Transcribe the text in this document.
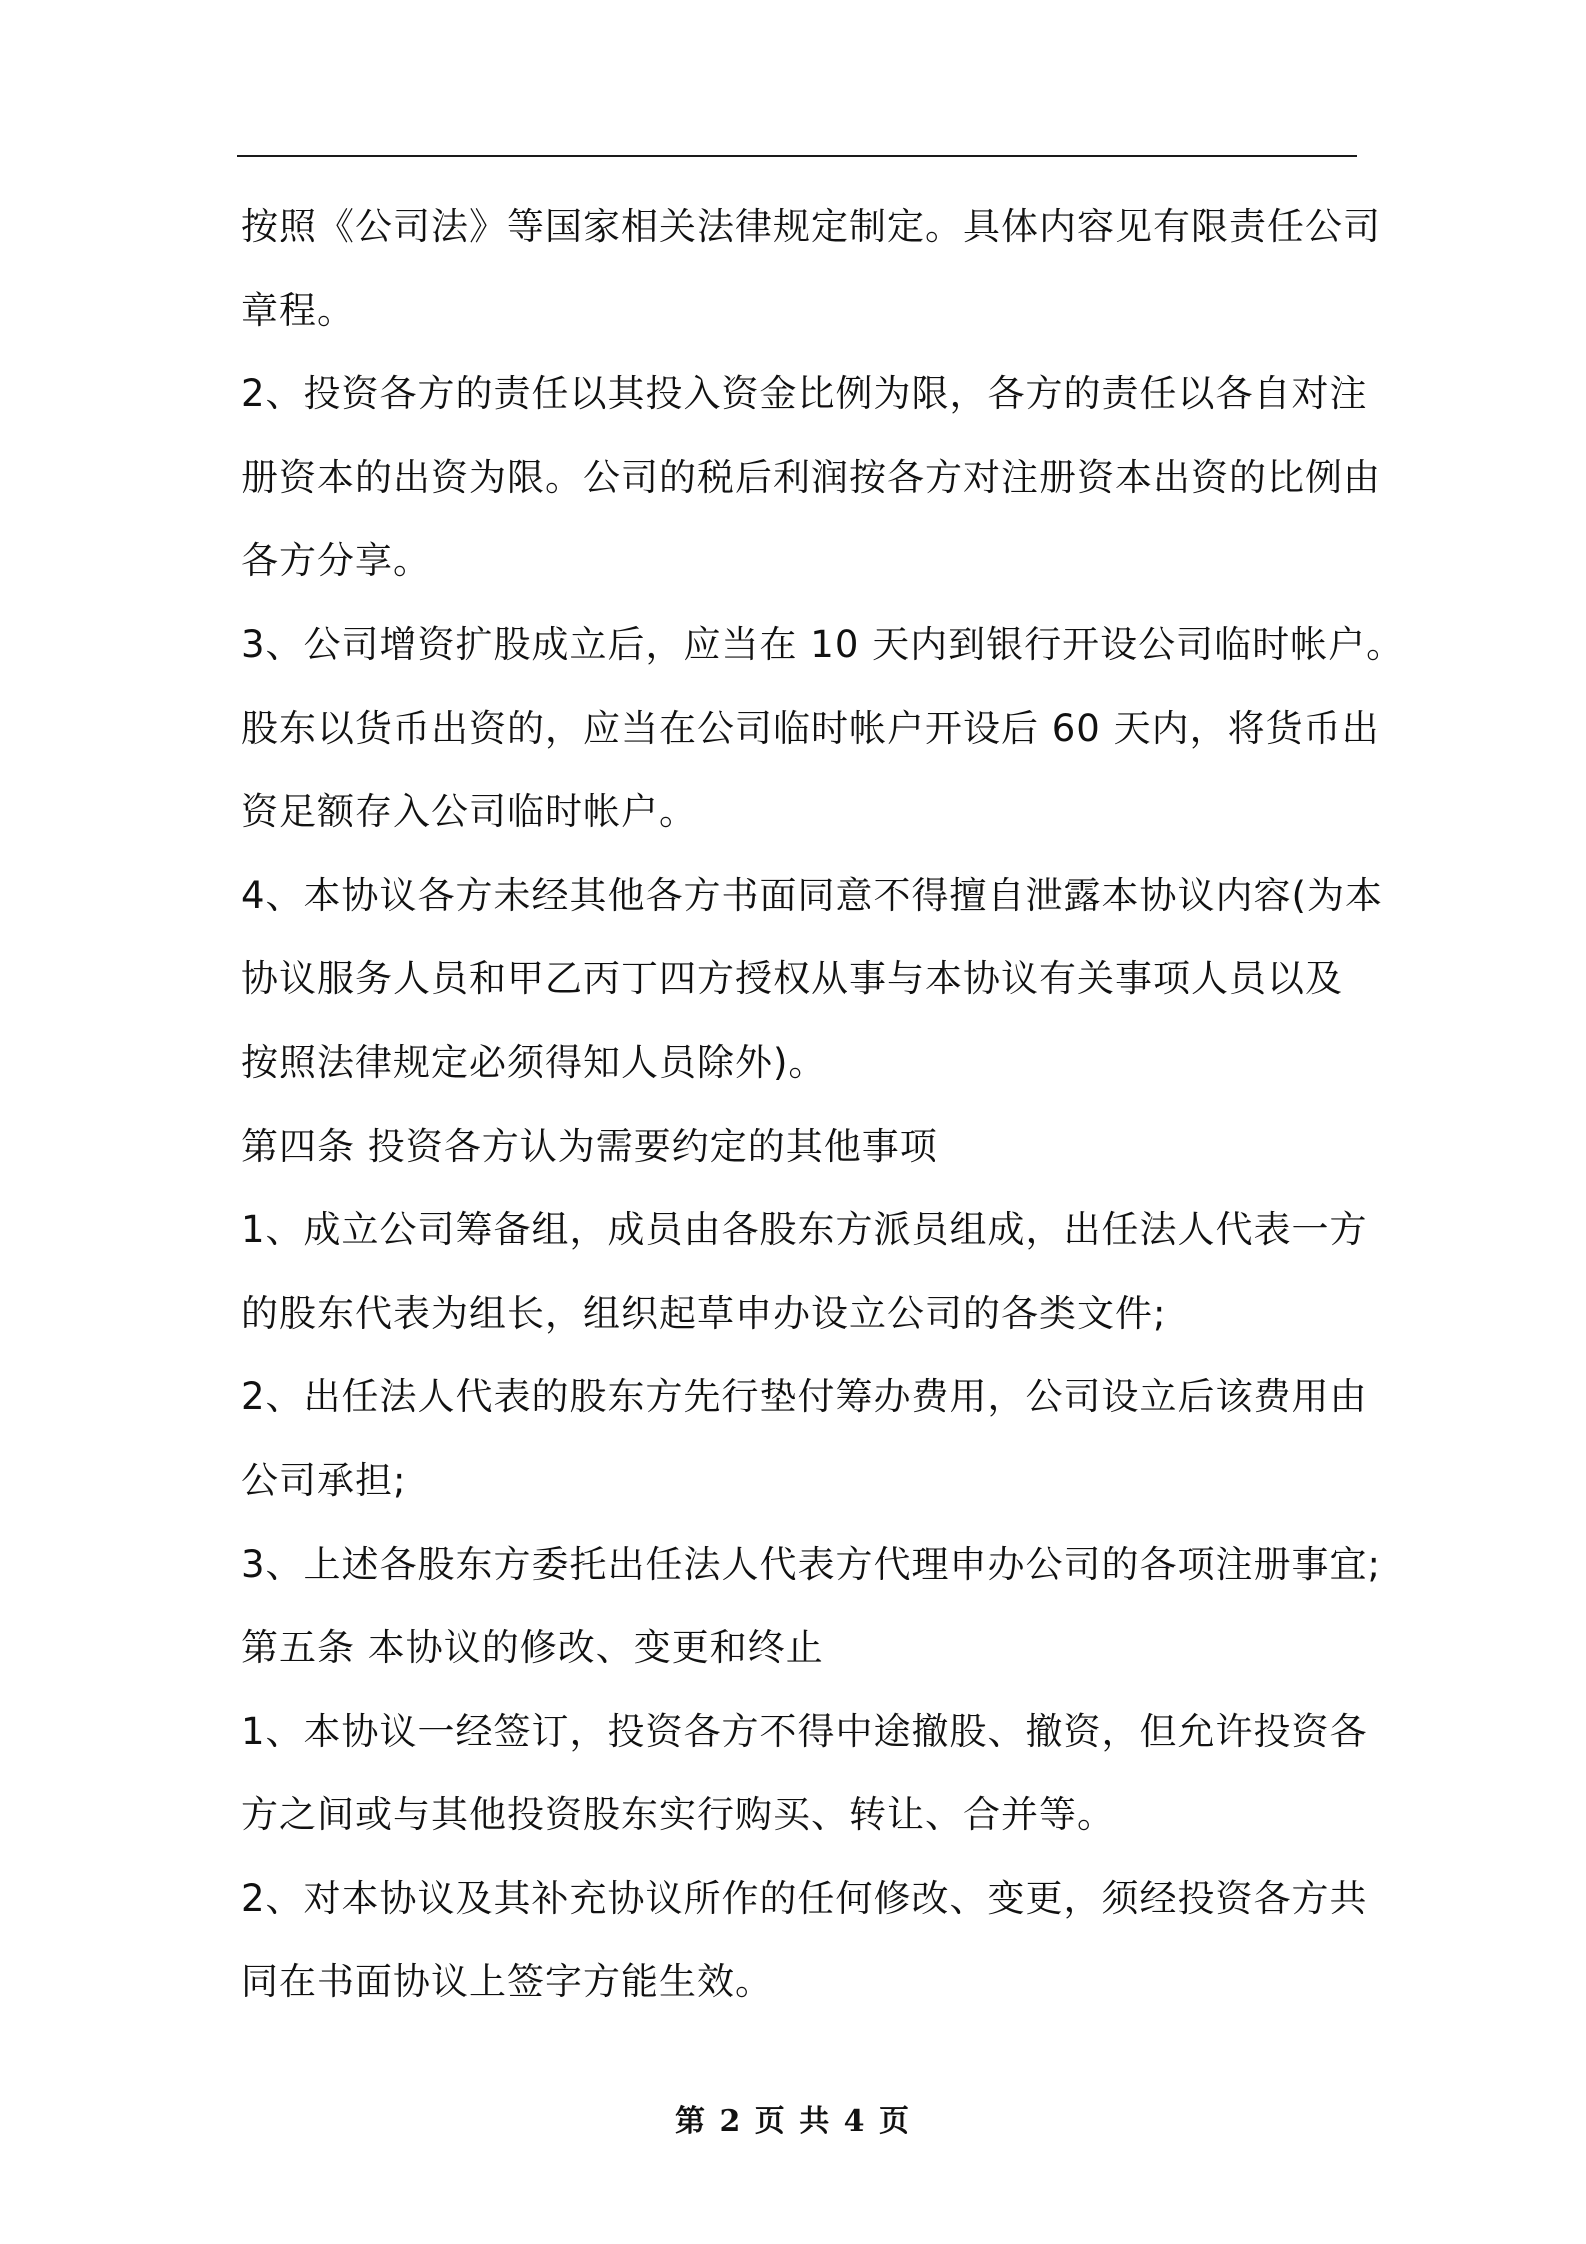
按照《公司法》等国家相关法律规定制定。具体内容见有限责任公司
章程。
2、投资各方的责任以其投入资金比例为限，各方的责任以各自对注
册资本的出资为限。公司的税后利润按各方对注册资本出资的比例由
各方分享。
3、公司增资扩股成立后，应当在 10 天内到银行开设公司临时帐户。
股东以货币出资的，应当在公司临时帐户开设后 60 天内，将货币出
资足额存入公司临时帐户。
4、本协议各方未经其他各方书面同意不得擅自泄露本协议内容(为本
协议服务人员和甲乙丙丁四方授权从事与本协议有关事项人员以及
按照法律规定必须得知人员除外)。
第四条 投资各方认为需要约定的其他事项
1、成立公司筹备组，成员由各股东方派员组成，出任法人代表一方
的股东代表为组长，组织起草申办设立公司的各类文件;
2、出任法人代表的股东方先行垫付筹办费用，公司设立后该费用由
公司承担;
3、上述各股东方委托出任法人代表方代理申办公司的各项注册事宜;
第五条 本协议的修改、变更和终止
1、本协议一经签订，投资各方不得中途撤股、撤资，但允许投资各
方之间或与其他投资股东实行购买、转让、合并等。
2、对本协议及其补充协议所作的任何修改、变更，须经投资各方共
同在书面协议上签字方能生效。
第 2 页 共 4 页
